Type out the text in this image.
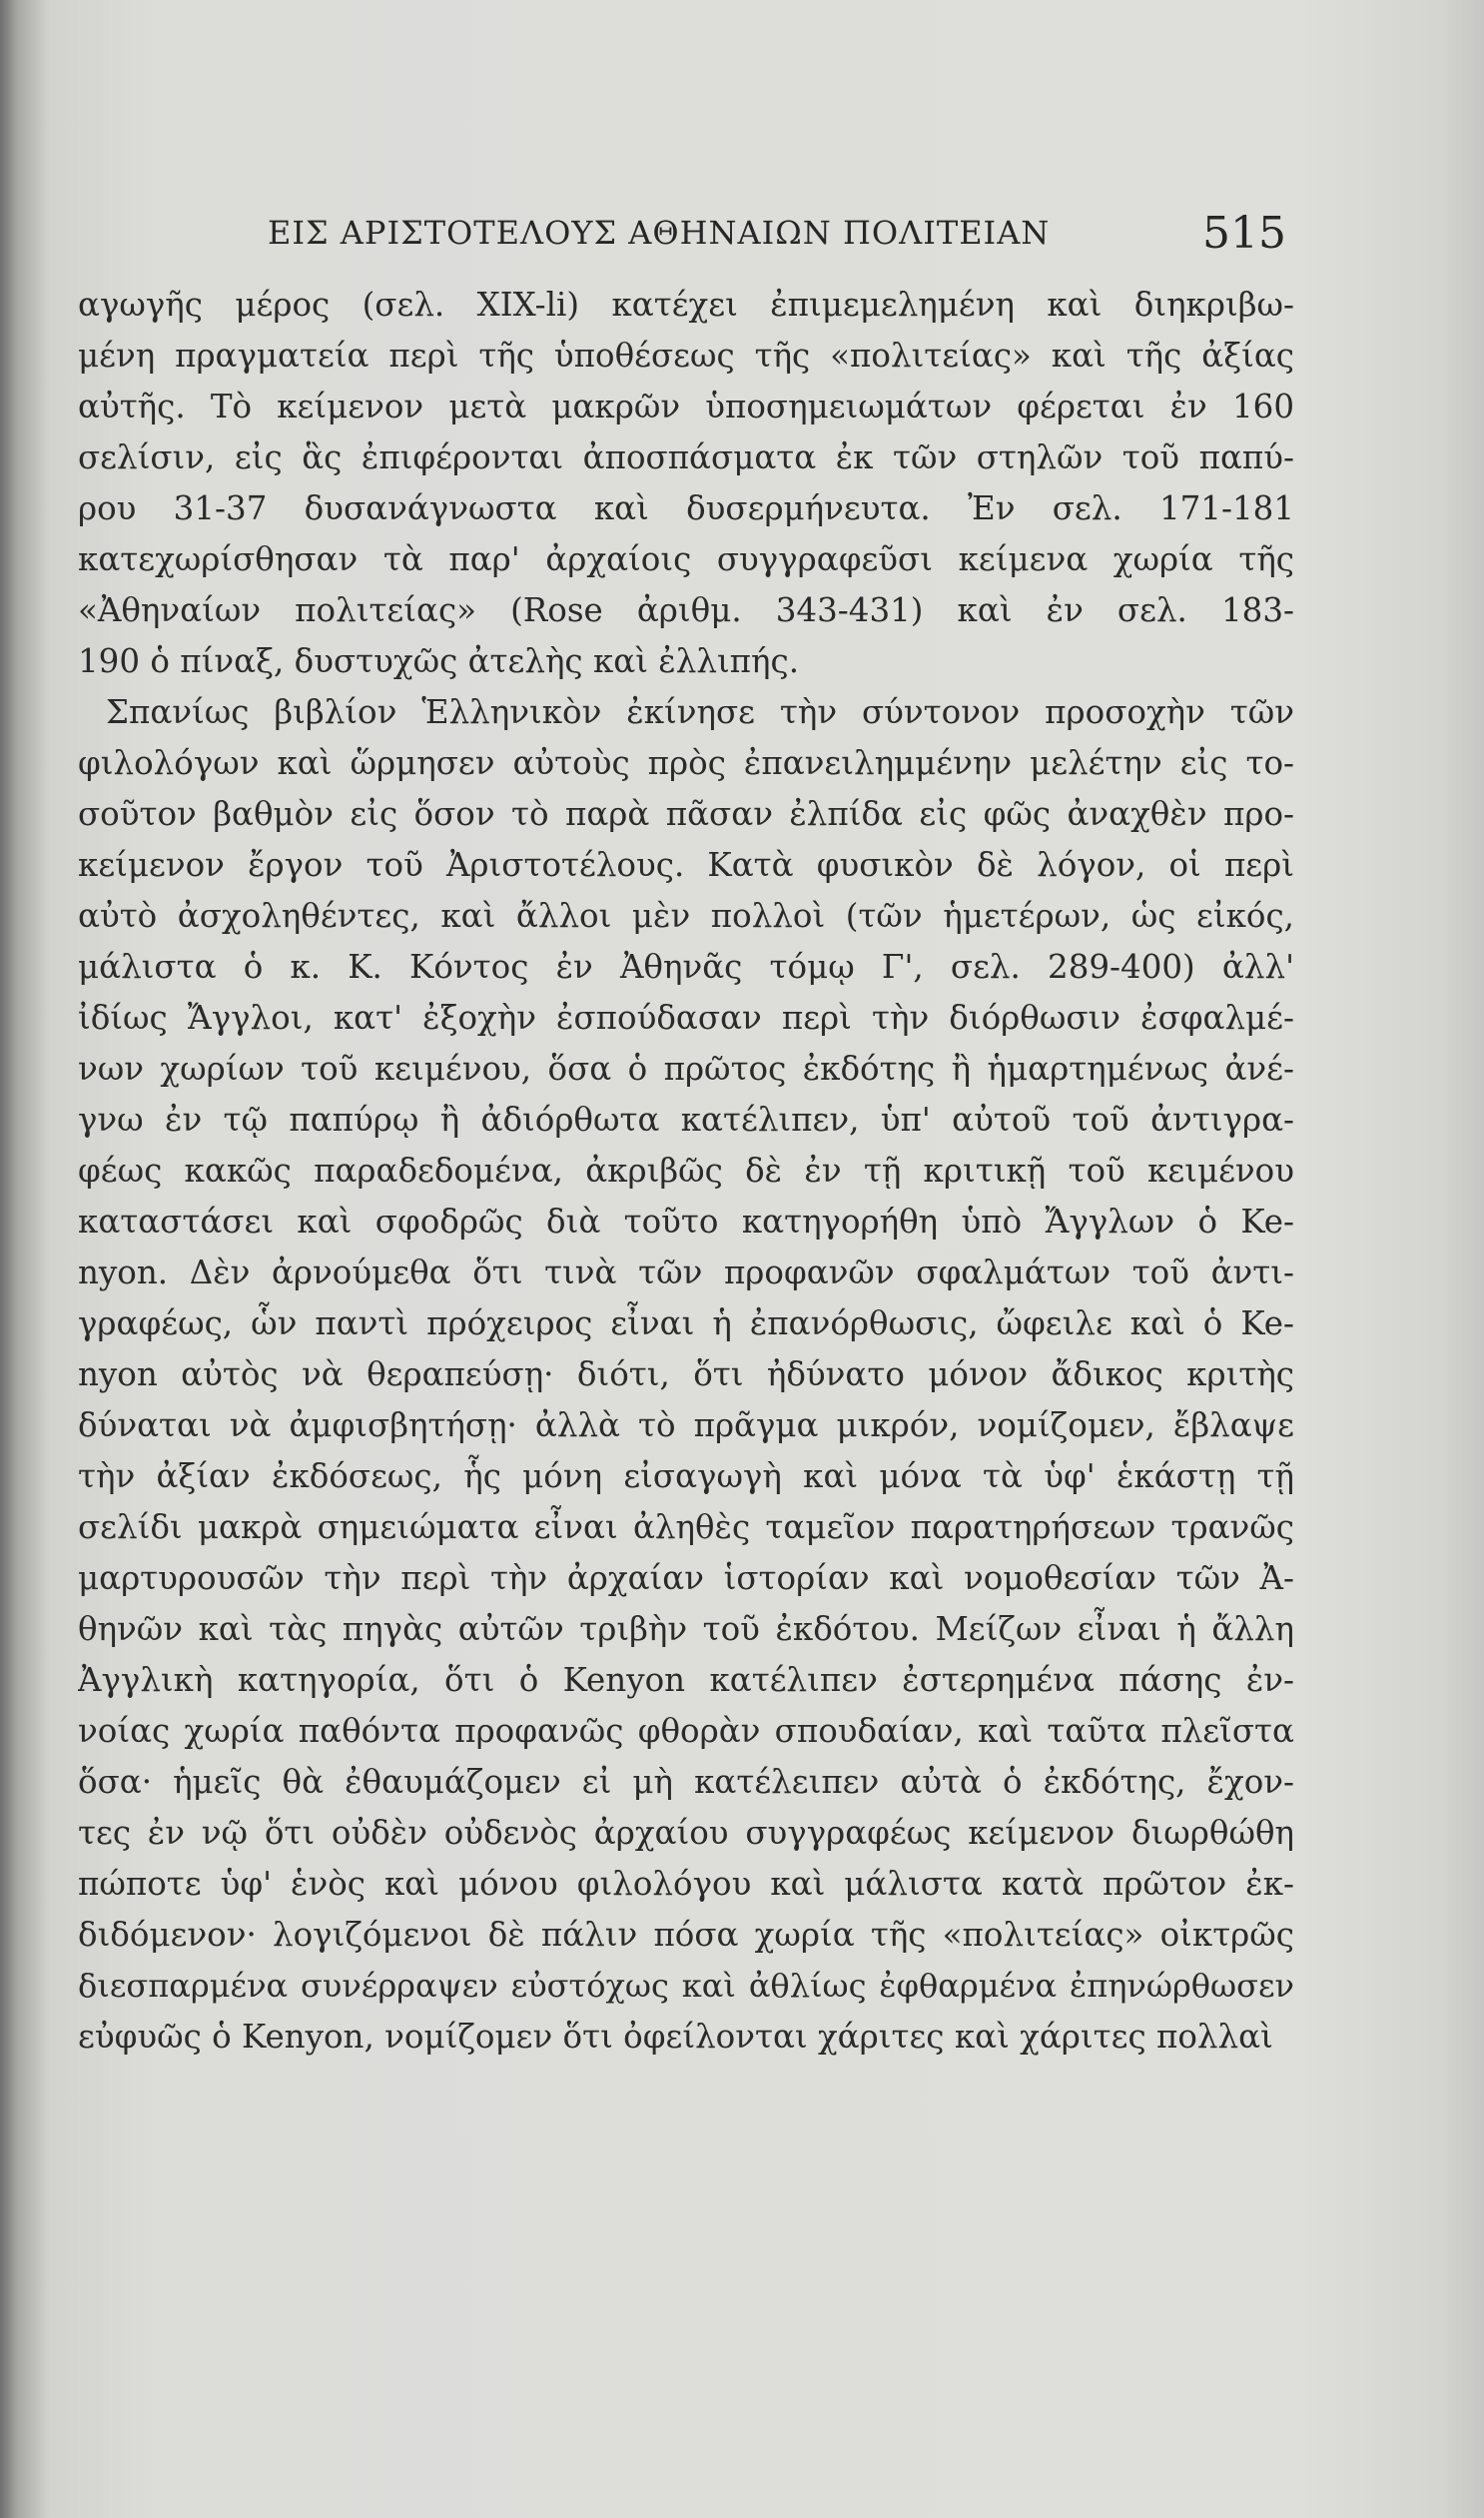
ΕΙΣ ΑΡΙΣΤΟΤΕΛΟΥΣ ΑΘΗΝΑΙΩΝ ΠΟΛΙΤΕΙΑΝ	515
αγωγῆς μέρος (σελ. XIX-li) κατέχει ἐπιμεμελημένη καὶ διηκριβω-
μένη πραγματεία περὶ τῆς ὑποθέσεως τῆς «πολιτείας» καὶ τῆς ἀξίας
αὐτῆς. Τὸ κείμενον μετὰ μακρῶν ὑποσημειωμάτων φέρεται ἐν 160
σελίσιν, εἰς ἃς ἐπιφέρονται ἀποσπάσματα ἐκ τῶν στηλῶν τοῦ παπύ-
ρου 31-37 δυσανάγνωστα καὶ δυσερμήνευτα. Ἐν σελ. 171-181
κατεχωρίσθησαν τὰ παρ' ἀρχαίοις συγγραφεῦσι κείμενα χωρία τῆς
«Ἀθηναίων πολιτείας» (Rose ἀριθμ. 343-431) καὶ ἐν σελ. 183-
190 ὁ πίναξ, δυστυχῶς ἀτελὴς καὶ ἐλλιπής.
Σπανίως βιβλίον Ἑλληνικὸν ἐκίνησε τὴν σύντονον προσοχὴν τῶν
φιλολόγων καὶ ὥρμησεν αὐτοὺς πρὸς ἐπανειλημμένην μελέτην εἰς το-
σοῦτον βαθμὸν εἰς ὅσον τὸ παρὰ πᾶσαν ἐλπίδα εἰς φῶς ἀναχθὲν προ-
κείμενον ἔργον τοῦ Ἀριστοτέλους. Κατὰ φυσικὸν δὲ λόγον, οἱ περὶ
αὐτὸ ἀσχοληθέντες, καὶ ἄλλοι μὲν πολλοὶ (τῶν ἡμετέρων, ὡς εἰκός,
μάλιστα ὁ κ. Κ. Κόντος ἐν Ἀθηνᾶς τόμῳ Γ', σελ. 289-400) ἀλλ'
ἰδίως Ἄγγλοι, κατ' ἐξοχὴν ἐσπούδασαν περὶ τὴν διόρθωσιν ἐσφαλμέ-
νων χωρίων τοῦ κειμένου, ὅσα ὁ πρῶτος ἐκδότης ἢ ἡμαρτημένως ἀνέ-
γνω ἐν τῷ παπύρῳ ἢ ἀδιόρθωτα κατέλιπεν, ὑπ' αὐτοῦ τοῦ ἀντιγρα-
φέως κακῶς παραδεδομένα, ἀκριβῶς δὲ ἐν τῇ κριτικῇ τοῦ κειμένου
καταστάσει καὶ σφοδρῶς διὰ τοῦτο κατηγορήθη ὑπὸ Ἄγγλων ὁ Ke-
nyon. Δὲν ἀρνούμεθα ὅτι τινὰ τῶν προφανῶν σφαλμάτων τοῦ ἀντι-
γραφέως, ὧν παντὶ πρόχειρος εἶναι ἡ ἐπανόρθωσις, ὤφειλε καὶ ὁ Ke-
nyon αὐτὸς νὰ θεραπεύσῃ· διότι, ὅτι ἠδύνατο μόνον ἄδικος κριτὴς
δύναται νὰ ἀμφισβητήσῃ· ἀλλὰ τὸ πρᾶγμα μικρόν, νομίζομεν, ἔβλαψε
τὴν ἀξίαν ἐκδόσεως, ἧς μόνη εἰσαγωγὴ καὶ μόνα τὰ ὑφ' ἑκάστῃ τῇ
σελίδι μακρὰ σημειώματα εἶναι ἀληθὲς ταμεῖον παρατηρήσεων τρανῶς
μαρτυρουσῶν τὴν περὶ τὴν ἀρχαίαν ἱστορίαν καὶ νομοθεσίαν τῶν Ἀ-
θηνῶν καὶ τὰς πηγὰς αὐτῶν τριβὴν τοῦ ἐκδότου. Μείζων εἶναι ἡ ἄλλη
Ἀγγλικὴ κατηγορία, ὅτι ὁ Kenyon κατέλιπεν ἐστερημένα πάσης ἐν-
νοίας χωρία παθόντα προφανῶς φθορὰν σπουδαίαν, καὶ ταῦτα πλεῖστα
ὅσα· ἡμεῖς θὰ ἐθαυμάζομεν εἰ μὴ κατέλειπεν αὐτὰ ὁ ἐκδότης, ἔχον-
τες ἐν νῷ ὅτι οὐδὲν οὐδενὸς ἀρχαίου συγγραφέως κείμενον διωρθώθη
πώποτε ὑφ' ἑνὸς καὶ μόνου φιλολόγου καὶ μάλιστα κατὰ πρῶτον ἐκ-
διδόμενον· λογιζόμενοι δὲ πάλιν πόσα χωρία τῆς «πολιτείας» οἰκτρῶς
διεσπαρμένα συνέρραψεν εὐστόχως καὶ ἀθλίως ἐφθαρμένα ἐπηνώρθωσεν
εὐφυῶς ὁ Kenyon, νομίζομεν ὅτι ὀφείλονται χάριτες καὶ χάριτες πολλαὶ
